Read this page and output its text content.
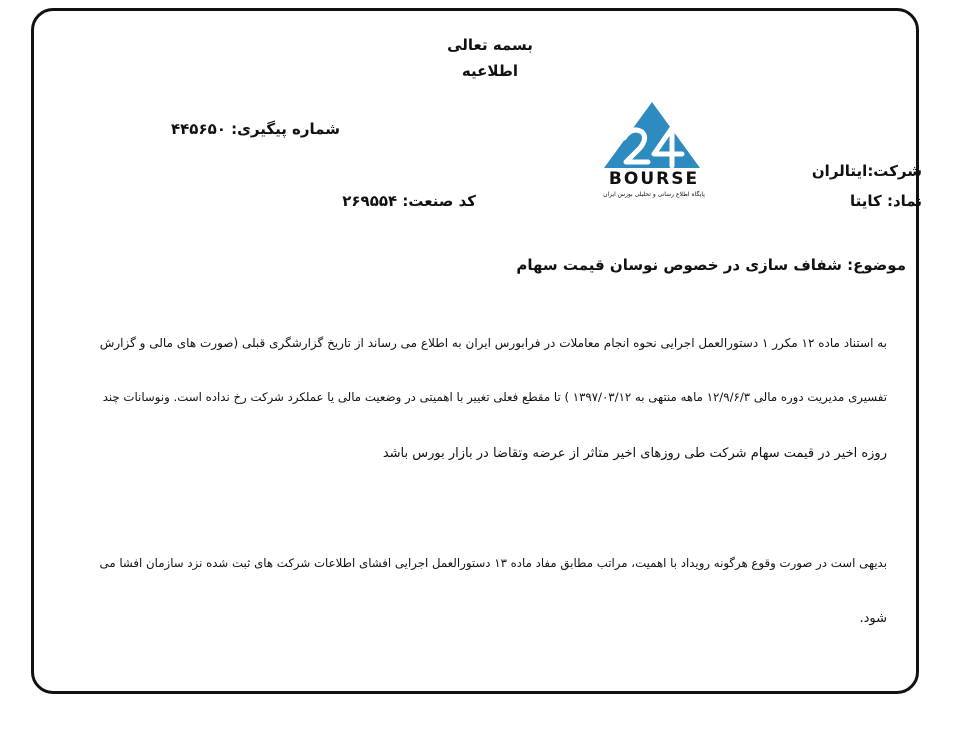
بسمه تعالی
اطلاعیه
شماره پیگیری: ۴۴۵۶۵۰
کد صنعت: ۲۶۹۵۵۴
شرکت:ایتالران
نماد: کایتا
BOURSE
پایگاه اطلاع رسانی و تحلیلی بورس ایران
موضوع: شفاف سازی در خصوص نوسان قیمت سهام
به استناد ماده ۱۲ مکرر ۱ دستورالعمل اجرایی نحوه انجام معاملات در فرابورس ایران به اطلاع می رساند از تاریخ گزارشگری قبلی (صورت های مالی و گزارش
تفسیری مدیریت دوره مالی ۱۲/۹/۶/۳ ماهه منتهی به ۱۳۹۷/۰۳/۱۲ ) تا مقطع فعلی تغییر با اهمیتی در وضعیت مالی یا عملکرد شرکت رخ نداده است. ونوسانات چند
روزه اخیر در قیمت سهام شرکت طی روزهای اخیر متاثر از عرضه وتقاضا در بازار بورس باشد
بدیهی است در صورت وقوع هرگونه رویداد با اهمیت، مراتب مطابق مفاد ماده ۱۳ دستورالعمل اجرایی افشای اطلاعات شرکت های ثبت شده نزد سازمان افشا می
شود.
